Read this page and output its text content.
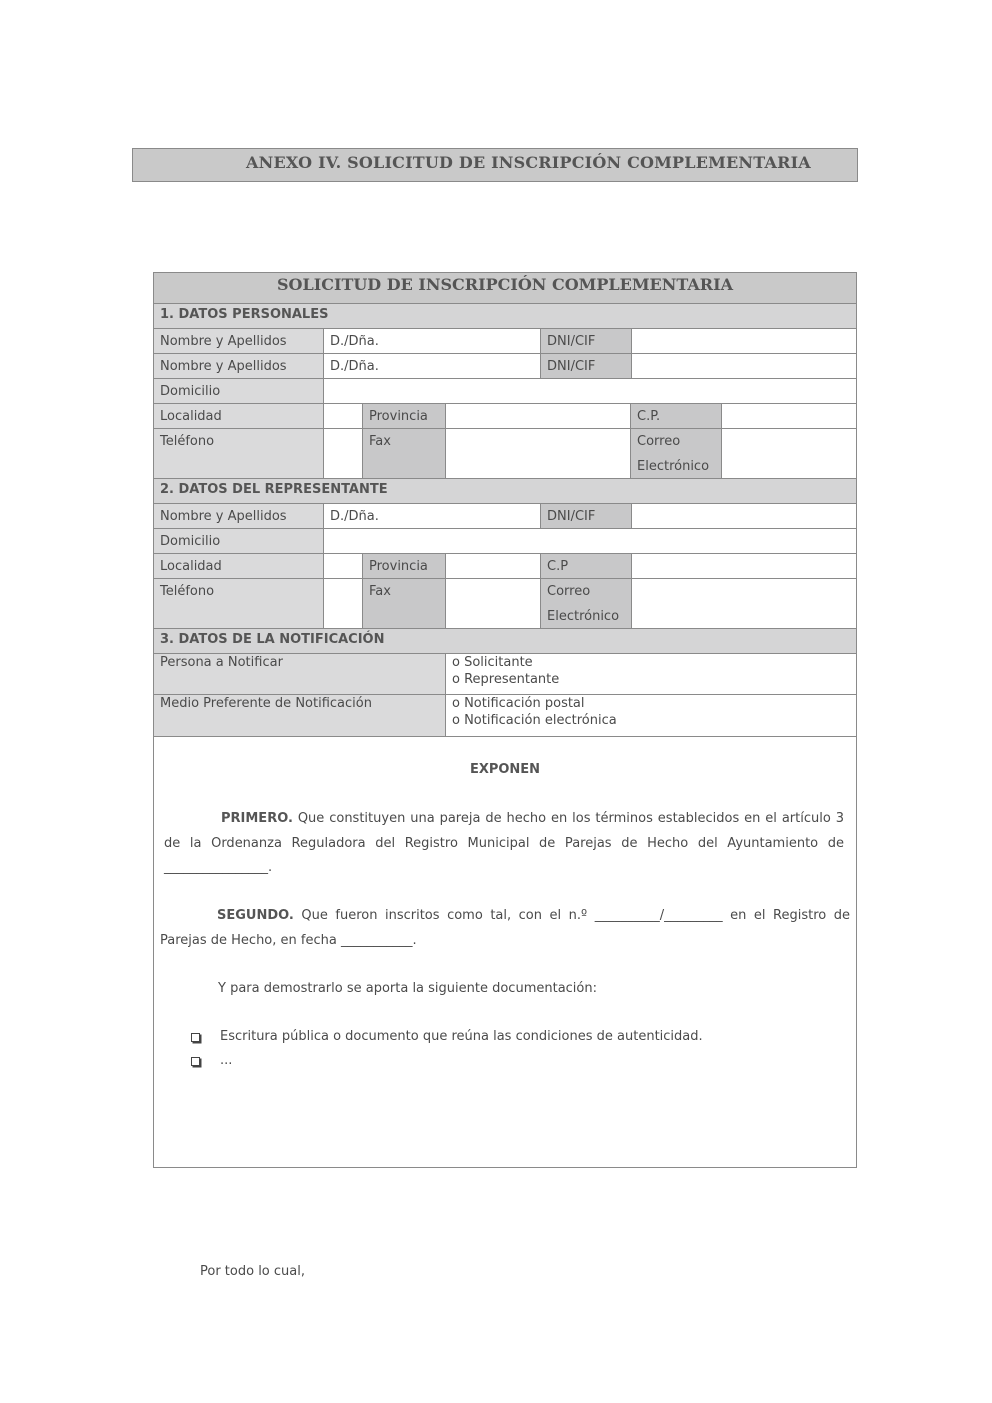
ANEXO IV. SOLICITUD DE INSCRIPCIÓN COMPLEMENTARIA
SOLICITUD DE INSCRIPCIÓN COMPLEMENTARIA
1. DATOS PERSONALES
Nombre y Apellidos	D./Dña.	DNI/CIF
Nombre y Apellidos	D./Dña.	DNI/CIF
Domicilio
Localidad	Provincia	C.P.
Teléfono	Fax	Correo
Electrónico
2. DATOS DEL REPRESENTANTE
Nombre y Apellidos	D./Dña.	DNI/CIF
Domicilio
Localidad	Provincia	C.P
Teléfono	Fax	Correo
Electrónico
3. DATOS DE LA NOTIFICACIÓN
Persona a Notificar	o Solicitante
o Representante
Medio Preferente de Notificación	o Notificación postal
o Notificación electrónica
EXPONEN
PRIMERO. Que constituyen una pareja de hecho en los términos establecidos en el artículo 3 de la Ordenanza Reguladora del Registro Municipal de Parejas de Hecho del Ayuntamiento de ________________.
SEGUNDO. Que fueron inscritos como tal, con el n.º __________/_________ en el Registro de Parejas de Hecho, en fecha ___________.
Y para demostrarlo se aporta la siguiente documentación:
Escritura pública o documento que reúna las condiciones de autenticidad.
...
Por todo lo cual,
